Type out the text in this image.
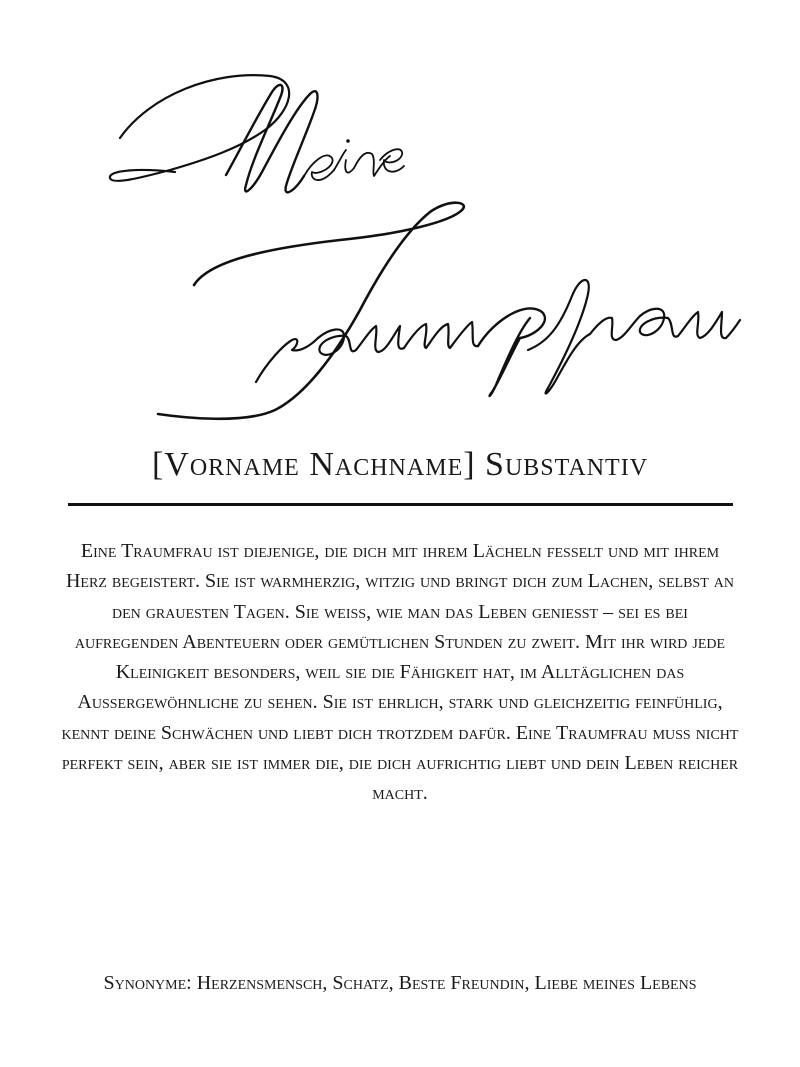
[Vorname Nachname] Substantiv

Eine Traumfrau ist diejenige, die dich mit ihrem Lächeln fesselt und mit ihrem Herz begeistert. Sie ist warmherzig, witzig und bringt dich zum Lachen, selbst an den grauesten Tagen. Sie weiß, wie man das Leben genießt – sei es bei aufregenden Abenteuern oder gemütlichen Stunden zu zweit. Mit ihr wird jede Kleinigkeit besonders, weil sie die Fähigkeit hat, im Alltäglichen das Außergewöhnliche zu sehen. Sie ist ehrlich, stark und gleichzeitig feinfühlig, kennt deine Schwächen und liebt dich trotzdem dafür. Eine Traumfrau muss nicht perfekt sein, aber sie ist immer die, die dich aufrichtig liebt und dein Leben reicher macht.

Synonyme: Herzensmensch, Schatz, Beste Freundin, Liebe meines Lebens
